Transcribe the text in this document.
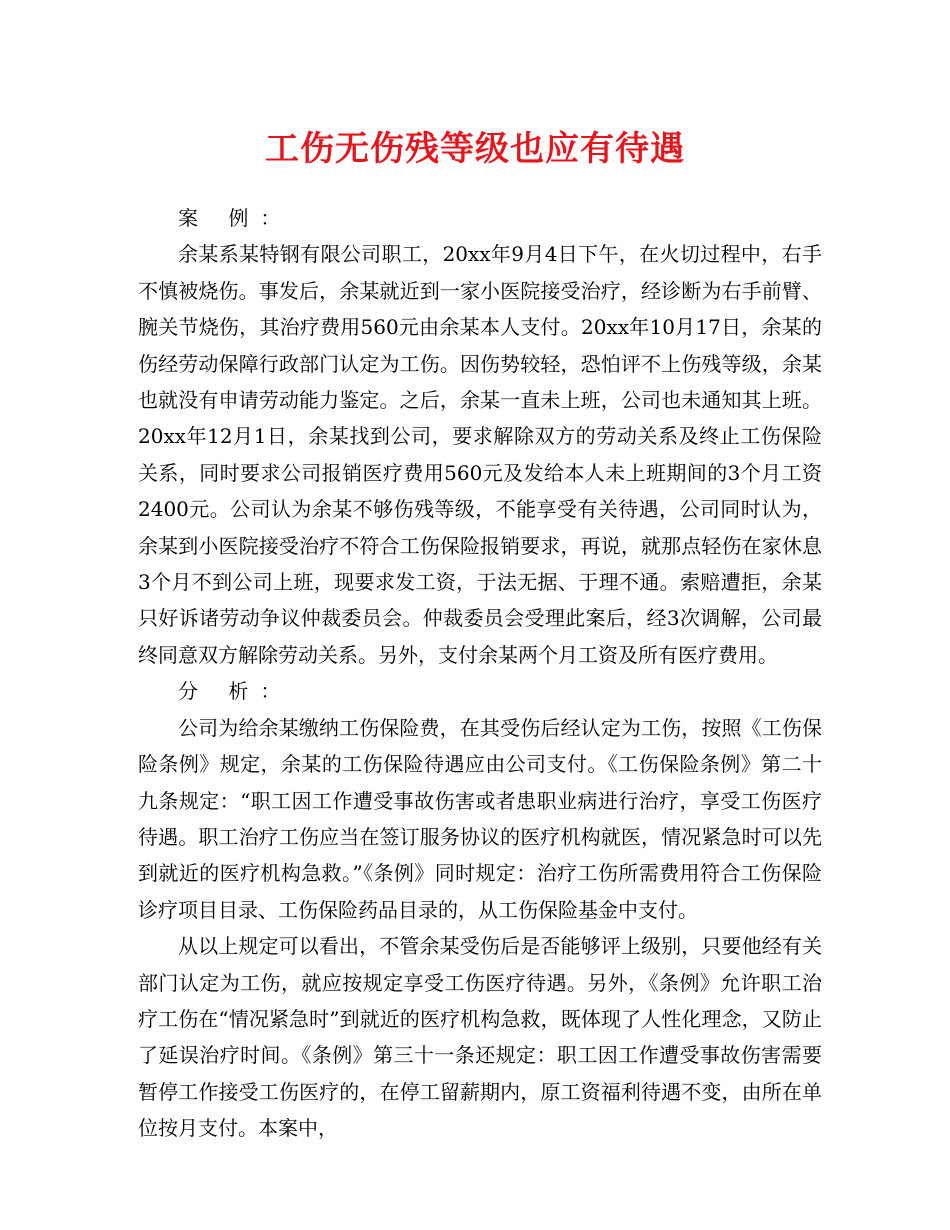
工伤无伤残等级也应有待遇

案 例：

余某系某特钢有限公司职工，20xx年9月4日下午，在火切过程中，右手不慎被烧伤。事发后，余某就近到一家小医院接受治疗，经诊断为右手前臂、腕关节烧伤，其治疗费用560元由余某本人支付。20xx年10月17日，余某的伤经劳动保障行政部门认定为工伤。因伤势较轻，恐怕评不上伤残等级，余某也就没有申请劳动能力鉴定。之后，余某一直未上班，公司也未通知其上班。20xx年12月1日，余某找到公司，要求解除双方的劳动关系及终止工伤保险关系，同时要求公司报销医疗费用560元及发给本人未上班期间的3个月工资2400元。公司认为余某不够伤残等级，不能享受有关待遇，公司同时认为，余某到小医院接受治疗不符合工伤保险报销要求，再说，就那点轻伤在家休息3个月不到公司上班，现要求发工资，于法无据、于理不通。索赔遭拒，余某只好诉诸劳动争议仲裁委员会。仲裁委员会受理此案后，经3次调解，公司最终同意双方解除劳动关系。另外，支付余某两个月工资及所有医疗费用。

分 析：

公司为给余某缴纳工伤保险费，在其受伤后经认定为工伤，按照《工伤保险条例》规定，余某的工伤保险待遇应由公司支付。《工伤保险条例》第二十九条规定：“职工因工作遭受事故伤害或者患职业病进行治疗，享受工伤医疗待遇。职工治疗工伤应当在签订服务协议的医疗机构就医，情况紧急时可以先到就近的医疗机构急救。”《条例》同时规定：治疗工伤所需费用符合工伤保险诊疗项目目录、工伤保险药品目录的，从工伤保险基金中支付。

从以上规定可以看出，不管余某受伤后是否能够评上级别，只要他经有关部门认定为工伤，就应按规定享受工伤医疗待遇。另外，《条例》允许职工治疗工伤在“情况紧急时”到就近的医疗机构急救，既体现了人性化理念，又防止了延误治疗时间。《条例》第三十一条还规定：职工因工作遭受事故伤害需要暂停工作接受工伤医疗的，在停工留薪期内，原工资福利待遇不变，由所在单位按月支付。本案中，
